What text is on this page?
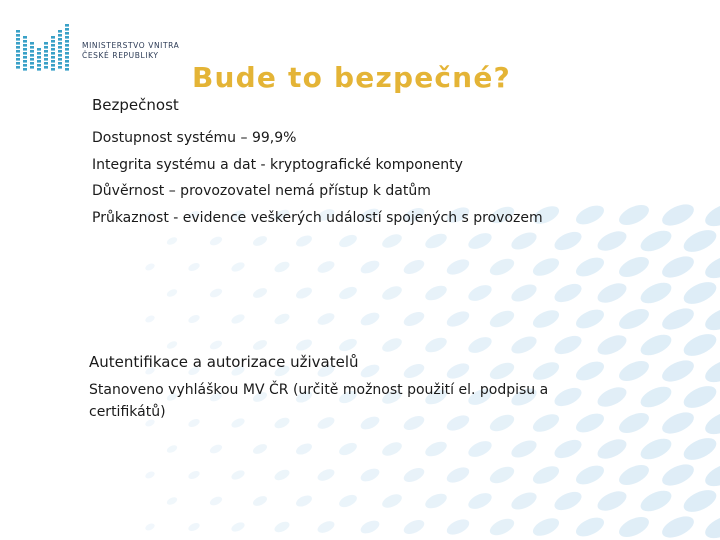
MINISTERSTVO VNITRA
ČESKÉ REPUBLIKY
Bude to bezpečné?
Bezpečnost
Dostupnost systému – 99,9%
Integrita systému a dat - kryptografické komponenty
Důvěrnost – provozovatel nemá přístup k datům
Průkaznost - evidence veškerých událostí spojených s provozem
Autentifikace a autorizace uživatelů
Stanoveno vyhláškou MV ČR (určitě možnost použití el. podpisu a certifikátů)
